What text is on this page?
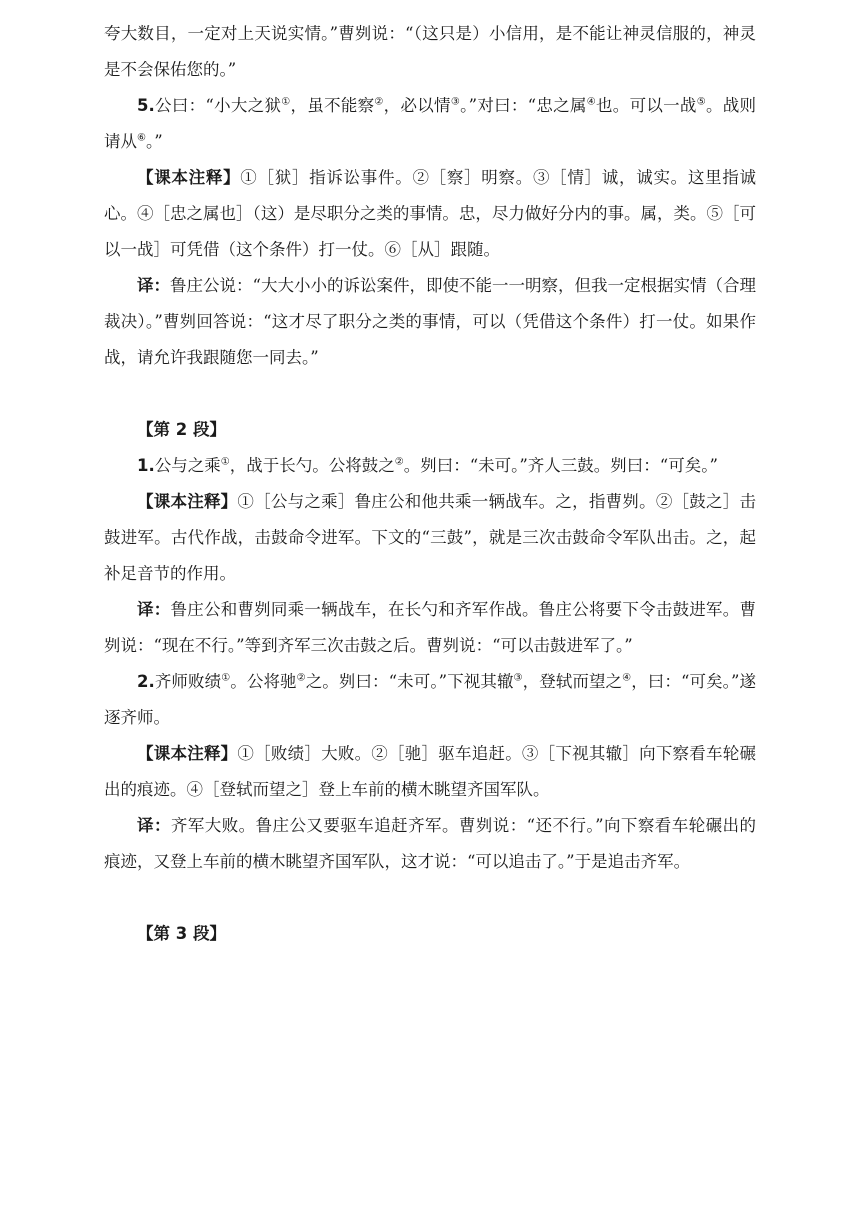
夸大数目，一定对上天说实情。”曹刿说：“（这只是）小信用，是不能让神灵信服的，神灵是不会保佑您的。”

5.公曰：“小大之狱①，虽不能察②，必以情③。”对曰：“忠之属④也。可以一战⑤。战则请从⑥。”

【课本注释】①［狱］指诉讼事件。②［察］明察。③［情］诚，诚实。这里指诚心。④［忠之属也］（这）是尽职分之类的事情。忠，尽力做好分内的事。属，类。⑤［可以一战］可凭借（这个条件）打一仗。⑥［从］跟随。

译：鲁庄公说：“大大小小的诉讼案件，即使不能一一明察，但我一定根据实情（合理裁决）。”曹刿回答说：“这才尽了职分之类的事情，可以（凭借这个条件）打一仗。如果作战，请允许我跟随您一同去。”

【第 2 段】

1.公与之乘①，战于长勺。公将鼓之②。刿曰：“未可。”齐人三鼓。刿曰：“可矣。”

【课本注释】①［公与之乘］鲁庄公和他共乘一辆战车。之，指曹刿。②［鼓之］击鼓进军。古代作战，击鼓命令进军。下文的“三鼓”，就是三次击鼓命令军队出击。之，起补足音节的作用。

译：鲁庄公和曹刿同乘一辆战车，在长勺和齐军作战。鲁庄公将要下令击鼓进军。曹刿说：“现在不行。”等到齐军三次击鼓之后。曹刿说：“可以击鼓进军了。”

2.齐师败绩①。公将驰②之。刿曰：“未可。”下视其辙③，登轼而望之④，曰：“可矣。”遂逐齐师。

【课本注释】①［败绩］大败。②［驰］驱车追赶。③［下视其辙］向下察看车轮碾出的痕迹。④［登轼而望之］登上车前的横木眺望齐国军队。

译：齐军大败。鲁庄公又要驱车追赶齐军。曹刿说：“还不行。”向下察看车轮碾出的痕迹，又登上车前的横木眺望齐国军队，这才说：“可以追击了。”于是追击齐军。

【第 3 段】
